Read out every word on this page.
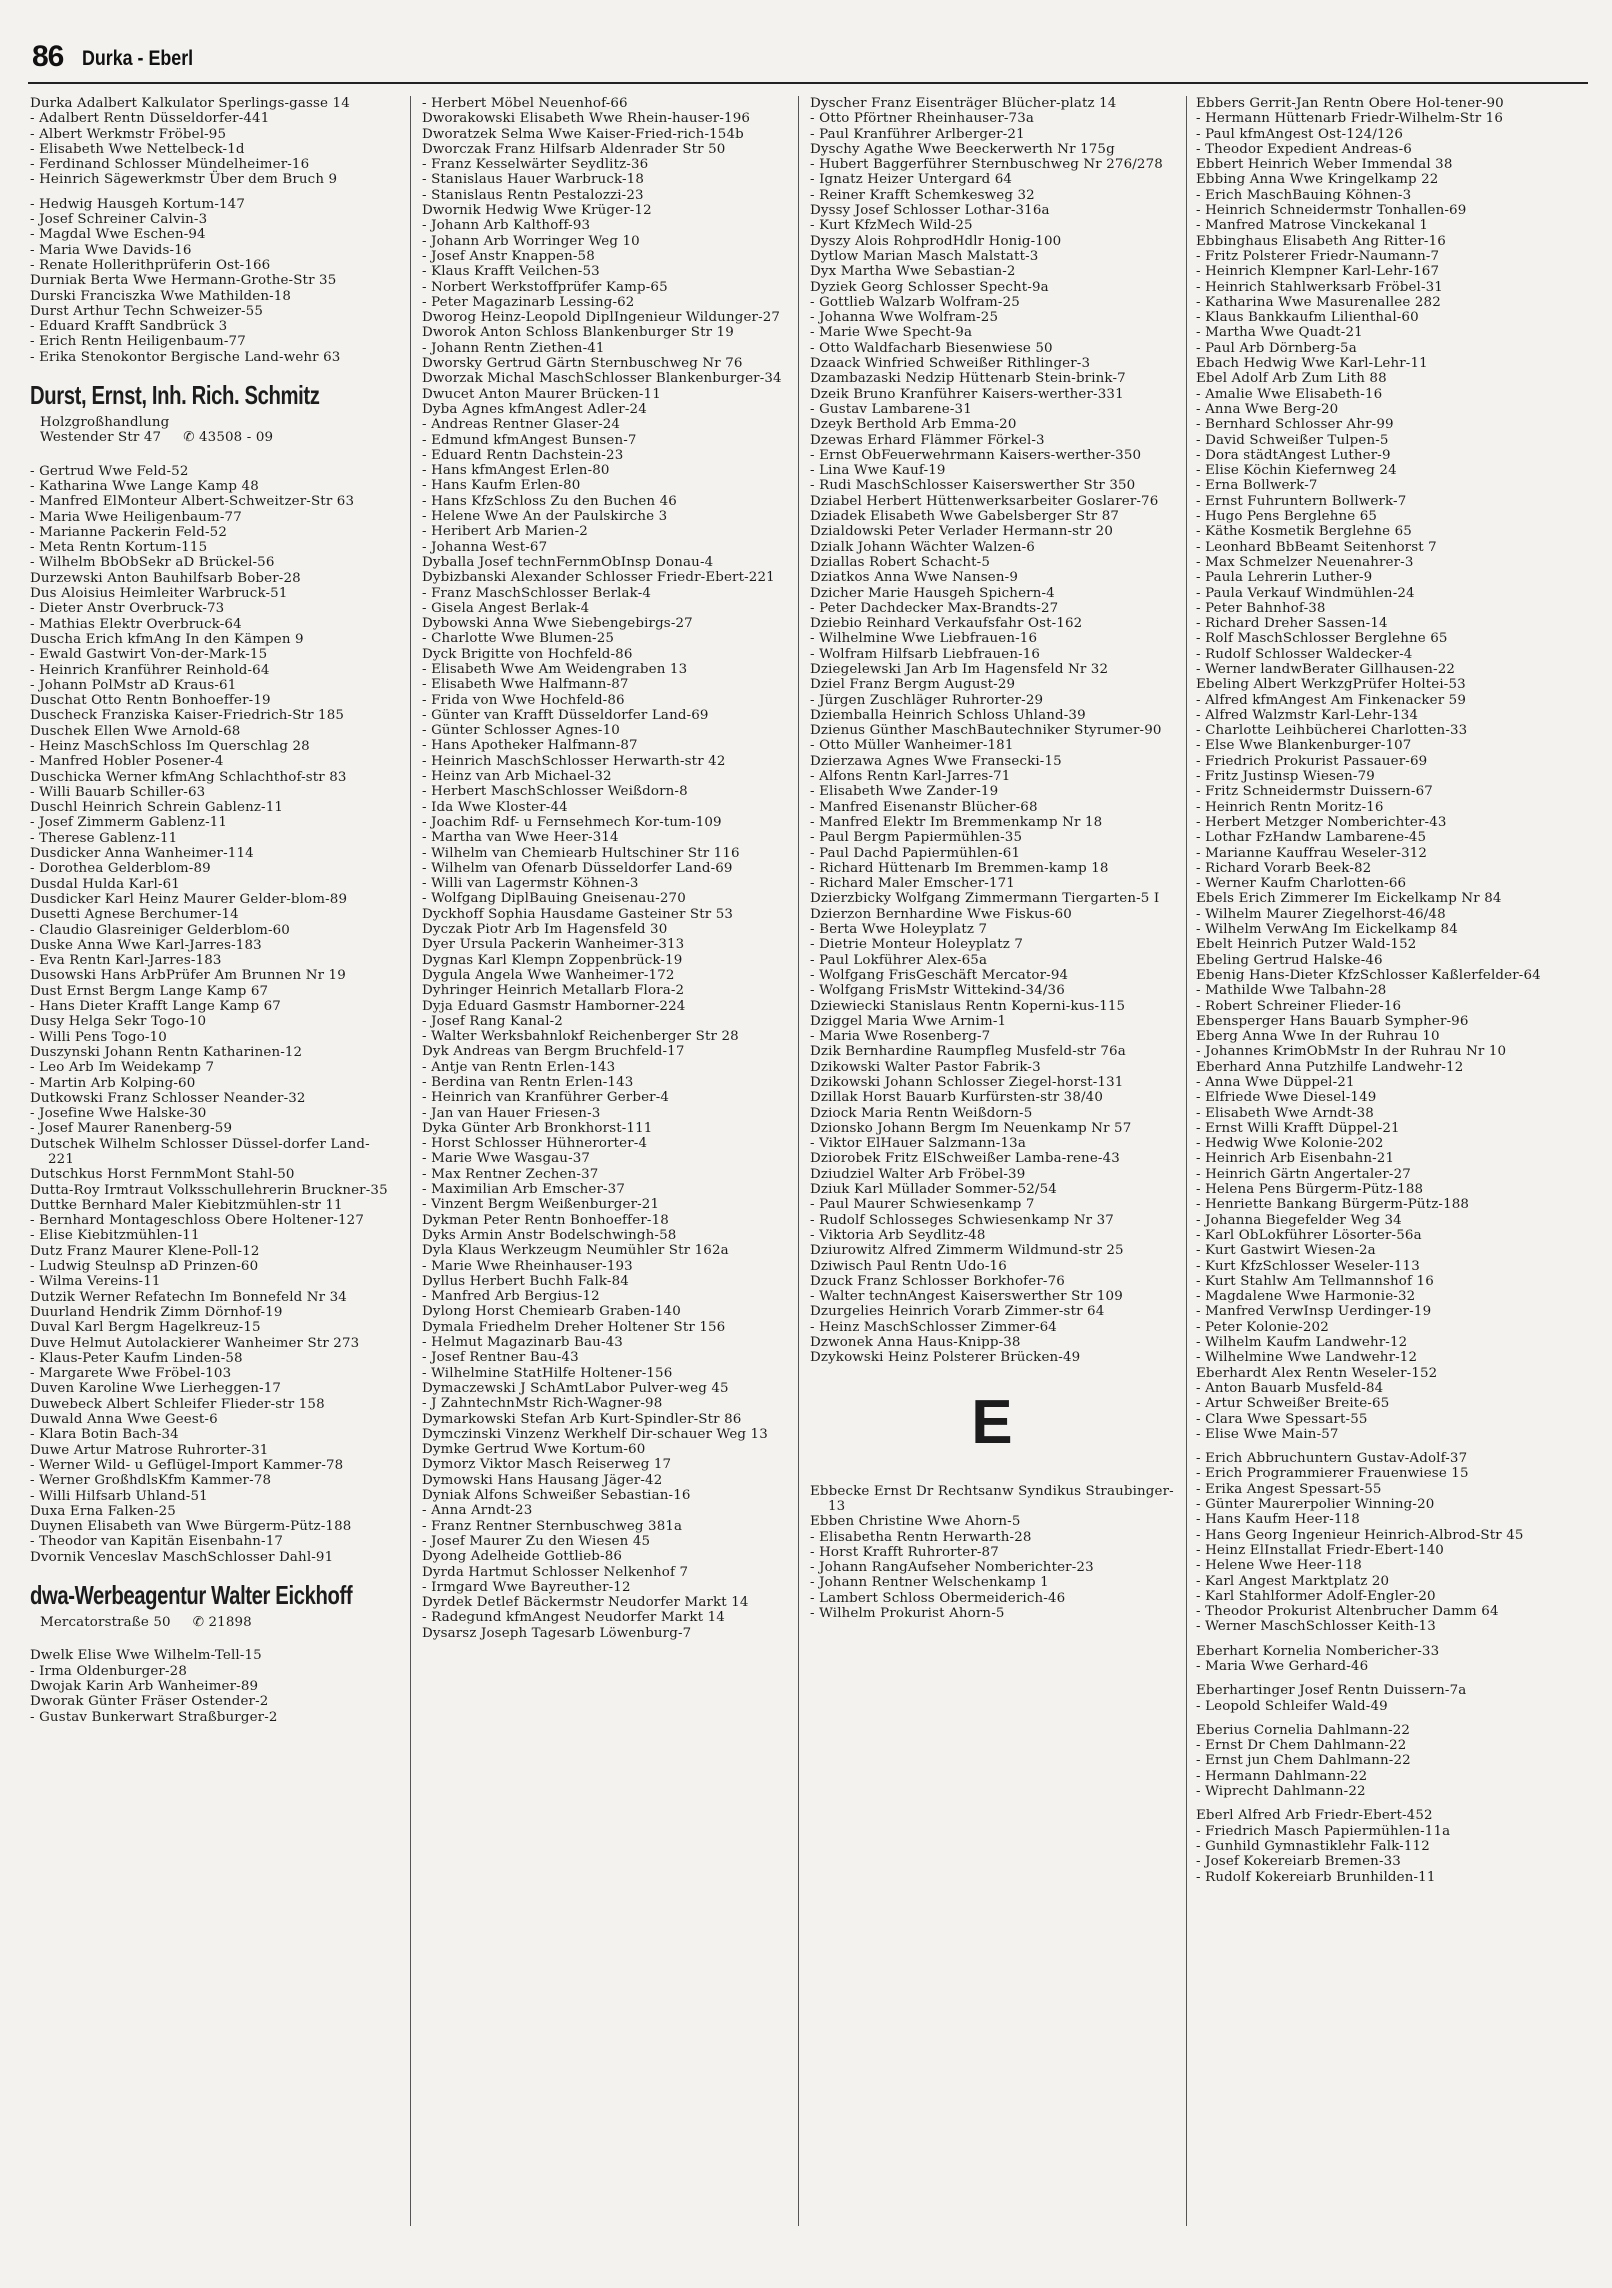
86 Durka - Eberl

Durka Adalbert Kalkulator Sperlings-gasse 14

- Adalbert Rentn Düsseldorfer-441

- Albert Werkmstr Fröbel-95

- Elisabeth Wwe Nettelbeck-1d

- Ferdinand Schlosser Mündelheimer-16

- Heinrich Sägewerkmstr Über dem Bruch 9

- Hedwig Hausgeh Kortum-147

- Josef Schreiner Calvin-3

- Magdal Wwe Eschen-94

- Maria Wwe Davids-16

- Renate Hollerithprüferin Ost-166

Durniak Berta Wwe Hermann-Grothe-Str 35

Durski Franciszka Wwe Mathilden-18

Durst Arthur Techn Schweizer-55

- Eduard Krafft Sandbrück 3

- Erich Rentn Heiligenbaum-77

- Erika Stenokontor Bergische Land-wehr 63

Durst, Ernst, Inh. Rich. Schmitz
Holzgroßhandlung
Westender Str 47 ✆ 43508 - 09

- Gertrud Wwe Feld-52

- Katharina Wwe Lange Kamp 48

- Manfred ElMonteur Albert-Schweitzer-Str 63

- Maria Wwe Heiligenbaum-77

- Marianne Packerin Feld-52

- Meta Rentn Kortum-115

- Wilhelm BbObSekr aD Brückel-56

Durzewski Anton Bauhilfsarb Bober-28

Dus Aloisius Heimleiter Warbruck-51

- Dieter Anstr Overbruck-73

- Mathias Elektr Overbruck-64

Duscha Erich kfmAng In den Kämpen 9

- Ewald Gastwirt Von-der-Mark-15

- Heinrich Kranführer Reinhold-64

- Johann PolMstr aD Kraus-61

Duschat Otto Rentn Bonhoeffer-19

Duscheck Franziska Kaiser-Friedrich-Str 185

Duschek Ellen Wwe Arnold-68

- Heinz MaschSchloss Im Querschlag 28

- Manfred Hobler Posener-4

Duschicka Werner kfmAng Schlachthof-str 83

- Willi Bauarb Schiller-63

Duschl Heinrich Schrein Gablenz-11

- Josef Zimmerm Gablenz-11

- Therese Gablenz-11

Dusdicker Anna Wanheimer-114

- Dorothea Gelderblom-89

Dusdal Hulda Karl-61

Dusdicker Karl Heinz Maurer Gelder-blom-89

Dusetti Agnese Berchumer-14

- Claudio Glasreiniger Gelderblom-60

Duske Anna Wwe Karl-Jarres-183

- Eva Rentn Karl-Jarres-183

Dusowski Hans ArbPrüfer Am Brunnen Nr 19

Dust Ernst Bergm Lange Kamp 67

- Hans Dieter Krafft Lange Kamp 67

Dusy Helga Sekr Togo-10

- Willi Pens Togo-10

Duszynski Johann Rentn Katharinen-12

- Leo Arb Im Weidekamp 7

- Martin Arb Kolping-60

Dutkowski Franz Schlosser Neander-32

- Josefine Wwe Halske-30

- Josef Maurer Ranenberg-59

Dutschek Wilhelm Schlosser Düssel-dorfer Land-221

Dutschkus Horst FernmMont Stahl-50

Dutta-Roy Irmtraut Volksschullehrerin Bruckner-35

Duttke Bernhard Maler Kiebitzmühlen-str 11

- Bernhard Montageschloss Obere Holtener-127

- Elise Kiebitzmühlen-11

Dutz Franz Maurer Klene-Poll-12

- Ludwig Steulnsp aD Prinzen-60

- Wilma Vereins-11

Dutzik Werner Refatechn Im Bonnefeld Nr 34

Duurland Hendrik Zimm Dörnhof-19

Duval Karl Bergm Hagelkreuz-15

Duve Helmut Autolackierer Wanheimer Str 273

- Klaus-Peter Kaufm Linden-58

- Margarete Wwe Fröbel-103

Duven Karoline Wwe Lierheggen-17

Duwebeck Albert Schleifer Flieder-str 158

Duwald Anna Wwe Geest-6

- Klara Botin Bach-34

Duwe Artur Matrose Ruhrorter-31

- Werner Wild- u Geflügel-Import Kammer-78

- Werner GroßhdlsKfm Kammer-78

- Willi Hilfsarb Uhland-51

Duxa Erna Falken-25

Duynen Elisabeth van Wwe Bürgerm-Pütz-188

- Theodor van Kapitän Eisenbahn-17

Dvornik Venceslav MaschSchlosser Dahl-91

dwa-Werbeagentur Walter Eickhoff
Mercatorstraße 50 ✆ 21898

Dwelk Elise Wwe Wilhelm-Tell-15

- Irma Oldenburger-28

Dwojak Karin Arb Wanheimer-89

Dworak Günter Fräser Ostender-2

- Gustav Bunkerwart Straßburger-2

- Herbert Möbel Neuenhof-66

Dworakowski Elisabeth Wwe Rhein-hauser-196

Dworatzek Selma Wwe Kaiser-Fried-rich-154b

Dworczak Franz Hilfsarb Aldenrader Str 50

- Franz Kesselwärter Seydlitz-36

- Stanislaus Hauer Warbruck-18

- Stanislaus Rentn Pestalozzi-23

Dwornik Hedwig Wwe Krüger-12

- Johann Arb Kalthoff-93

- Johann Arb Worringer Weg 10

- Josef Anstr Knappen-58

- Klaus Krafft Veilchen-53

- Norbert Werkstoffprüfer Kamp-65

- Peter Magazinarb Lessing-62

Dworog Heinz-Leopold DiplIngenieur Wildunger-27

Dworok Anton Schloss Blankenburger Str 19

- Johann Rentn Ziethen-41

Dworsky Gertrud Gärtn Sternbuschweg Nr 76

Dworzak Michal MaschSchlosser Blankenburger-34

Dwucet Anton Maurer Brücken-11

Dyba Agnes kfmAngest Adler-24

- Andreas Rentner Glaser-24

- Edmund kfmAngest Bunsen-7

- Eduard Rentn Dachstein-23

- Hans kfmAngest Erlen-80

- Hans Kaufm Erlen-80

- Hans KfzSchloss Zu den Buchen 46

- Helene Wwe An der Paulskirche 3

- Heribert Arb Marien-2

- Johanna West-67

Dyballa Josef technFernmObInsp Donau-4

Dybizbanski Alexander Schlosser Friedr-Ebert-221

- Franz MaschSchlosser Berlak-4

- Gisela Angest Berlak-4

Dybowski Anna Wwe Siebengebirgs-27

- Charlotte Wwe Blumen-25

Dyck Brigitte von Hochfeld-86

- Elisabeth Wwe Am Weidengraben 13

- Elisabeth Wwe Halfmann-87

- Frida von Wwe Hochfeld-86

- Günter van Krafft Düsseldorfer Land-69

- Günter Schlosser Agnes-10

- Hans Apotheker Halfmann-87

- Heinrich MaschSchlosser Herwarth-str 42

- Heinz van Arb Michael-32

- Herbert MaschSchlosser Weißdorn-8

- Ida Wwe Kloster-44

- Joachim Rdf- u Fernsehmech Kor-tum-109

- Martha van Wwe Heer-314

- Wilhelm van Chemiearb Hultschiner Str 116

- Wilhelm van Ofenarb Düsseldorfer Land-69

- Willi van Lagermstr Köhnen-3

- Wolfgang DiplBauing Gneisenau-270

Dyckhoff Sophia Hausdame Gasteiner Str 53

Dyczak Piotr Arb Im Hagensfeld 30

Dyer Ursula Packerin Wanheimer-313

Dygnas Karl Klempn Zoppenbrück-19

Dygula Angela Wwe Wanheimer-172

Dyhringer Heinrich Metallarb Flora-2

Dyja Eduard Gasmstr Hamborner-224

- Josef Rang Kanal-2

- Walter Werksbahnlokf Reichenberger Str 28

Dyk Andreas van Bergm Bruchfeld-17

- Antje van Rentn Erlen-143

- Berdina van Rentn Erlen-143

- Heinrich van Kranführer Gerber-4

- Jan van Hauer Friesen-3

Dyka Günter Arb Bronkhorst-111

- Horst Schlosser Hühnerorter-4

- Marie Wwe Wasgau-37

- Max Rentner Zechen-37

- Maximilian Arb Emscher-37

- Vinzent Bergm Weißenburger-21

Dykman Peter Rentn Bonhoeffer-18

Dyks Armin Anstr Bodelschwingh-58

Dyla Klaus Werkzeugm Neumühler Str 162a

- Marie Wwe Rheinhauser-193

Dyllus Herbert Buchh Falk-84

- Manfred Arb Bergius-12

Dylong Horst Chemiearb Graben-140

Dymala Friedhelm Dreher Holtener Str 156

- Helmut Magazinarb Bau-43

- Josef Rentner Bau-43

- Wilhelmine StatHilfe Holtener-156

Dymaczewski J SchAmtLabor Pulver-weg 45

- J ZahntechnMstr Rich-Wagner-98

Dymarkowski Stefan Arb Kurt-Spindler-Str 86

Dymczinski Vinzenz Werkhelf Dir-schauer Weg 13

Dymke Gertrud Wwe Kortum-60

Dymorz Viktor Masch Reiserweg 17

Dymowski Hans Hausang Jäger-42

Dyniak Alfons Schweißer Sebastian-16

- Anna Arndt-23

- Franz Rentner Sternbuschweg 381a

- Josef Maurer Zu den Wiesen 45

Dyong Adelheide Gottlieb-86

Dyrda Hartmut Schlosser Nelkenhof 7

- Irmgard Wwe Bayreuther-12

Dyrdek Detlef Bäckermstr Neudorfer Markt 14

- Radegund kfmAngest Neudorfer Markt 14

Dysarsz Joseph Tagesarb Löwenburg-7

Dyscher Franz Eisenträger Blücher-platz 14

- Otto Pförtner Rheinhauser-73a

- Paul Kranführer Arlberger-21

Dyschy Agathe Wwe Beeckerwerth Nr 175g

- Hubert Baggerführer Sternbuschweg Nr 276/278

- Ignatz Heizer Untergard 64

- Reiner Krafft Schemkesweg 32

Dyssy Josef Schlosser Lothar-316a

- Kurt KfzMech Wild-25

Dyszy Alois RohprodHdlr Honig-100

Dytlow Marian Masch Malstatt-3

Dyx Martha Wwe Sebastian-2

Dyziek Georg Schlosser Specht-9a

- Gottlieb Walzarb Wolfram-25

- Johanna Wwe Wolfram-25

- Marie Wwe Specht-9a

- Otto Waldfacharb Biesenwiese 50

Dzaack Winfried Schweißer Rithlinger-3

Dzambazaski Nedzip Hüttenarb Stein-brink-7

Dzeik Bruno Kranführer Kaisers-werther-331

- Gustav Lambarene-31

Dzeyk Berthold Arb Emma-20

Dzewas Erhard Flämmer Förkel-3

- Ernst ObFeuerwehrmann Kaisers-werther-350

- Lina Wwe Kauf-19

- Rudi MaschSchlosser Kaiserswerther Str 350

Dziabel Herbert Hüttenwerksarbeiter Goslarer-76

Dziadek Elisabeth Wwe Gabelsberger Str 87

Dzialdowski Peter Verlader Hermann-str 20

Dzialk Johann Wächter Walzen-6

Dziallas Robert Schacht-5

Dziatkos Anna Wwe Nansen-9

Dzicher Marie Hausgeh Spichern-4

- Peter Dachdecker Max-Brandts-27

Dziebio Reinhard Verkaufsfahr Ost-162

- Wilhelmine Wwe Liebfrauen-16

- Wolfram Hilfsarb Liebfrauen-16

Dziegelewski Jan Arb Im Hagensfeld Nr 32

Dziel Franz Bergm August-29

- Jürgen Zuschläger Ruhrorter-29

Dziemballa Heinrich Schloss Uhland-39

Dzienus Günther MaschBautechniker Styrumer-90

- Otto Müller Wanheimer-181

Dzierzawa Agnes Wwe Fransecki-15

- Alfons Rentn Karl-Jarres-71

- Elisabeth Wwe Zander-19

- Manfred Eisenanstr Blücher-68

- Manfred Elektr Im Bremmenkamp Nr 18

- Paul Bergm Papiermühlen-35

- Paul Dachd Papiermühlen-61

- Richard Hüttenarb Im Bremmen-kamp 18

- Richard Maler Emscher-171

Dzierzbicky Wolfgang Zimmermann Tiergarten-5 I

Dzierzon Bernhardine Wwe Fiskus-60

- Berta Wwe Holeyplatz 7

- Dietrie Monteur Holeyplatz 7

- Paul Lokführer Alex-65a

- Wolfgang FrisGeschäft Mercator-94

- Wolfgang FrisMstr Wittekind-34/36

Dziewiecki Stanislaus Rentn Koperni-kus-115

Dziggel Maria Wwe Arnim-1

- Maria Wwe Rosenberg-7

Dzik Bernhardine Raumpfleg Musfeld-str 76a

Dzikowski Walter Pastor Fabrik-3

Dzikowski Johann Schlosser Ziegel-horst-131

Dzillak Horst Bauarb Kurfürsten-str 38/40

Dziock Maria Rentn Weißdorn-5

Dzionsko Johann Bergm Im Neuenkamp Nr 57

- Viktor ElHauer Salzmann-13a

Dziorobek Fritz ElSchweißer Lamba-rene-43

Dziudziel Walter Arb Fröbel-39

Dziuk Karl Müllader Sommer-52/54

- Paul Maurer Schwiesenkamp 7

- Rudolf Schlosseges Schwiesenkamp Nr 37

- Viktoria Arb Seydlitz-48

Dziurowitz Alfred Zimmerm Wildmund-str 25

Dziwisch Paul Rentn Udo-16

Dzuck Franz Schlosser Borkhofer-76

- Walter technAngest Kaiserswerther Str 109

Dzurgelies Heinrich Vorarb Zimmer-str 64

- Heinz MaschSchlosser Zimmer-64

Dzwonek Anna Haus-Knipp-38

Dzykowski Heinz Polsterer Brücken-49

E

Ebbecke Ernst Dr Rechtsanw Syndikus Straubinger-13

Ebben Christine Wwe Ahorn-5

- Elisabetha Rentn Herwarth-28

- Horst Krafft Ruhrorter-87

- Johann RangAufseher Nomberichter-23

- Johann Rentner Welschenkamp 1

- Lambert Schloss Obermeiderich-46

- Wilhelm Prokurist Ahorn-5

Ebbers Gerrit-Jan Rentn Obere Hol-tener-90

- Hermann Hüttenarb Friedr-Wilhelm-Str 16

- Paul kfmAngest Ost-124/126

- Theodor Expedient Andreas-6

Ebbert Heinrich Weber Immendal 38

Ebbing Anna Wwe Kringelkamp 22

- Erich MaschBauing Köhnen-3

- Heinrich Schneidermstr Tonhallen-69

- Manfred Matrose Vinckekanal 1

Ebbinghaus Elisabeth Ang Ritter-16

- Fritz Polsterer Friedr-Naumann-7

- Heinrich Klempner Karl-Lehr-167

- Heinrich Stahlwerksarb Fröbel-31

- Katharina Wwe Masurenallee 282

- Klaus Bankkaufm Lilienthal-60

- Martha Wwe Quadt-21

- Paul Arb Dörnberg-5a

Ebach Hedwig Wwe Karl-Lehr-11

Ebel Adolf Arb Zum Lith 88

- Amalie Wwe Elisabeth-16

- Anna Wwe Berg-20

- Bernhard Schlosser Ahr-99

- David Schweißer Tulpen-5

- Dora städtAngest Luther-9

- Elise Köchin Kiefernweg 24

- Erna Bollwerk-7

- Ernst Fuhruntern Bollwerk-7

- Hugo Pens Berglehne 65

- Käthe Kosmetik Berglehne 65

- Leonhard BbBeamt Seitenhorst 7

- Max Schmelzer Neuenahrer-3

- Paula Lehrerin Luther-9

- Paula Verkauf Windmühlen-24

- Peter Bahnhof-38

- Richard Dreher Sassen-14

- Rolf MaschSchlosser Berglehne 65

- Rudolf Schlosser Waldecker-4

- Werner landwBerater Gillhausen-22

Ebeling Albert WerkzgPrüfer Holtei-53

- Alfred kfmAngest Am Finkenacker 59

- Alfred Walzmstr Karl-Lehr-134

- Charlotte Leihbücherei Charlotten-33

- Else Wwe Blankenburger-107

- Friedrich Prokurist Passauer-69

- Fritz Justinsp Wiesen-79

- Fritz Schneidermstr Duissern-67

- Heinrich Rentn Moritz-16

- Herbert Metzger Nomberichter-43

- Lothar FzHandw Lambarene-45

- Marianne Kauffrau Weseler-312

- Richard Vorarb Beek-82

- Werner Kaufm Charlotten-66

Ebels Erich Zimmerer Im Eickelkamp Nr 84

- Wilhelm Maurer Ziegelhorst-46/48

- Wilhelm VerwAng Im Eickelkamp 84

Ebelt Heinrich Putzer Wald-152

Ebeling Gertrud Halske-46

Ebenig Hans-Dieter KfzSchlosser Kaßlerfelder-64

- Mathilde Wwe Talbahn-28

- Robert Schreiner Flieder-16

Ebensperger Hans Bauarb Sympher-96

Eberg Anna Wwe In der Ruhrau 10

- Johannes KrimObMstr In der Ruhrau Nr 10

Eberhard Anna Putzhilfe Landwehr-12

- Anna Wwe Düppel-21

- Elfriede Wwe Diesel-149

- Elisabeth Wwe Arndt-38

- Ernst Willi Krafft Düppel-21

- Hedwig Wwe Kolonie-202

- Heinrich Arb Eisenbahn-21

- Heinrich Gärtn Angertaler-27

- Helena Pens Bürgerm-Pütz-188

- Henriette Bankang Bürgerm-Pütz-188

- Johanna Biegefelder Weg 34

- Karl ObLokführer Lösorter-56a

- Kurt Gastwirt Wiesen-2a

- Kurt KfzSchlosser Weseler-113

- Kurt Stahlw Am Tellmannshof 16

- Magdalene Wwe Harmonie-32

- Manfred VerwInsp Uerdinger-19

- Peter Kolonie-202

- Wilhelm Kaufm Landwehr-12

- Wilhelmine Wwe Landwehr-12

Eberhardt Alex Rentn Weseler-152

- Anton Bauarb Musfeld-84

- Artur Schweißer Breite-65

- Clara Wwe Spessart-55

- Elise Wwe Main-57

- Erich Abbruchuntern Gustav-Adolf-37

- Erich Programmierer Frauenwiese 15

- Erika Angest Spessart-55

- Günter Maurerpolier Winning-20

- Hans Kaufm Heer-118

- Hans Georg Ingenieur Heinrich-Albrod-Str 45

- Heinz ElInstallat Friedr-Ebert-140

- Helene Wwe Heer-118

- Karl Angest Marktplatz 20

- Karl Stahlformer Adolf-Engler-20

- Theodor Prokurist Altenbrucher Damm 64

- Werner MaschSchlosser Keith-13

Eberhart Kornelia Nombericher-33

- Maria Wwe Gerhard-46

Eberhartinger Josef Rentn Duissern-7a

- Leopold Schleifer Wald-49

Eberius Cornelia Dahlmann-22

- Ernst Dr Chem Dahlmann-22

- Ernst jun Chem Dahlmann-22

- Hermann Dahlmann-22

- Wiprecht Dahlmann-22

Eberl Alfred Arb Friedr-Ebert-452

- Friedrich Masch Papiermühlen-11a

- Gunhild Gymnastiklehr Falk-112

- Josef Kokereiarb Bremen-33

- Rudolf Kokereiarb Brunhilden-11
